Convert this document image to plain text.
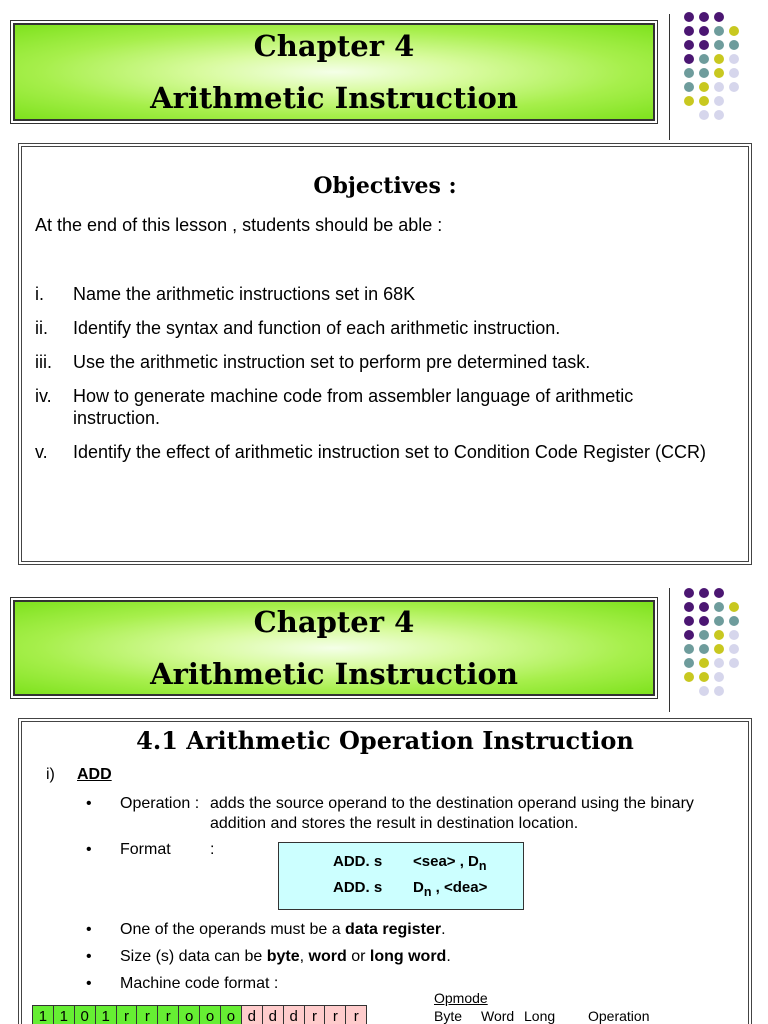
Chapter 4
Arithmetic Instruction
Objectives :
At the end of this lesson , students should be able :
i.	Name the arithmetic instructions set in 68K
ii.	Identify the syntax and function of each arithmetic instruction.
iii.	Use the arithmetic instruction set to perform pre determined task.
iv.	How to generate machine code from assembler language of arithmetic instruction.
v.	Identify the effect of arithmetic instruction set to Condition Code Register (CCR)
Chapter 4
Arithmetic Instruction
4.1 Arithmetic Operation Instruction
i) ADD
•	Operation : adds the source operand to the destination operand using the binary addition and stores the result in destination location.
•	Format	:
ADD. s	<sea> , $D_n$
ADD. s	$D_n$ , <dea>
•	One of the operands must be a data register.
•	Size (s) data can be byte, word or long word.
•	Machine code format :
1	1	0	1	r	r	r	o	o	o	d	d	d	r	r	r
Opmode
Byte	Word Long	Operation
